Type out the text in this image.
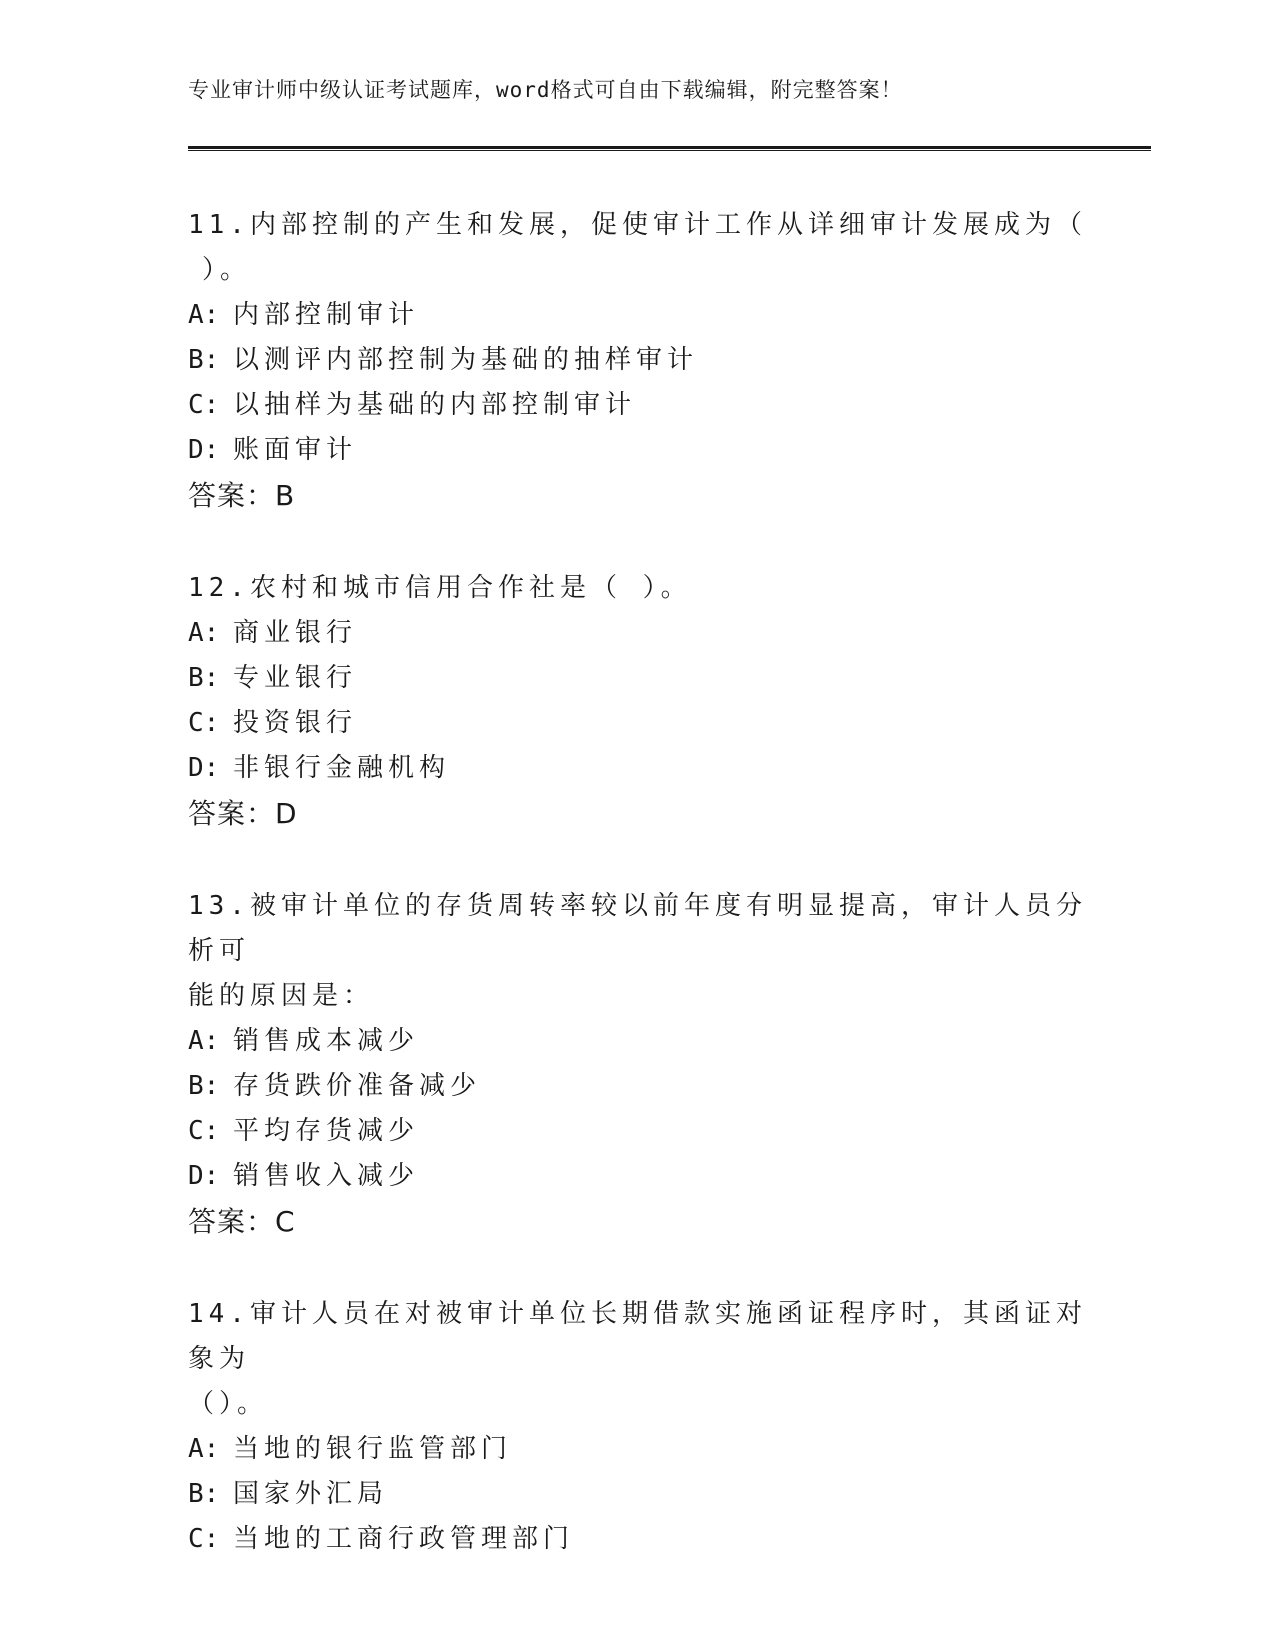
专业审计师中级认证考试题库，word格式可自由下载编辑，附完整答案！
11.内部控制的产生和发展，促使审计工作从详细审计发展成为（
）。
A: 内部控制审计
B: 以测评内部控制为基础的抽样审计
C: 以抽样为基础的内部控制审计
D: 账面审计
答案：B
12.农村和城市信用合作社是（ ）。
A: 商业银行
B: 专业银行
C: 投资银行
D: 非银行金融机构
答案：D
13.被审计单位的存货周转率较以前年度有明显提高，审计人员分析可
能的原因是：
A: 销售成本减少
B: 存货跌价准备减少
C: 平均存货减少
D: 销售收入减少
答案：C
14.审计人员在对被审计单位长期借款实施函证程序时，其函证对象为
（）。
A: 当地的银行监管部门
B: 国家外汇局
C: 当地的工商行政管理部门
